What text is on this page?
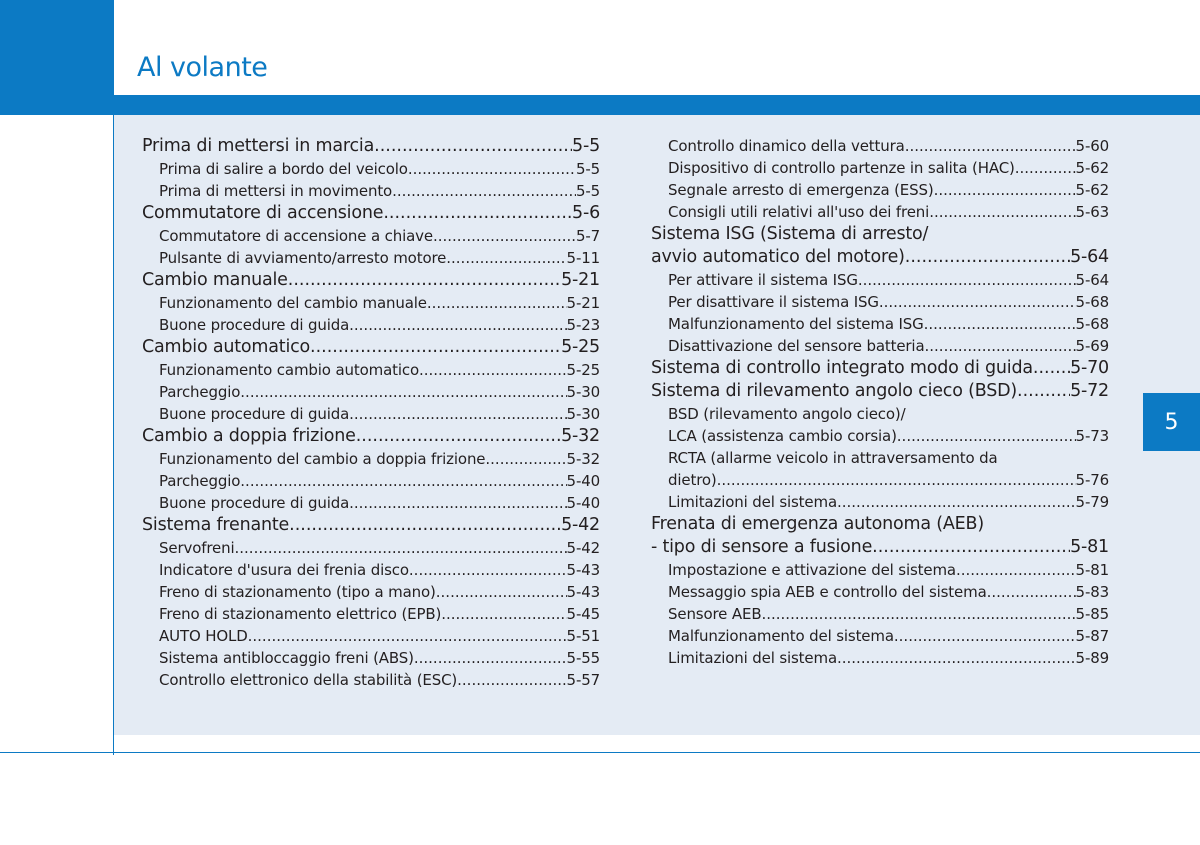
Al volante
Prima di mettersi in marcia .....	5-5
Prima di salire a bordo del veicolo .....	5-5
Prima di mettersi in movimento .....	5-5
Commutatore di accensione .....	5-6
Commutatore di accensione a chiave .....	5-7
Pulsante di avviamento/arresto motore .....	5-11
Cambio manuale .....	5-21
Funzionamento del cambio manuale .....	5-21
Buone procedure di guida .....	5-23
Cambio automatico .....	5-25
Funzionamento cambio automatico .....	5-25
Parcheggio .....	5-30
Buone procedure di guida .....	5-30
Cambio a doppia frizione .....	5-32
Funzionamento del cambio a doppia frizione .....	5-32
Parcheggio .....	5-40
Buone procedure di guida .....	5-40
Sistema frenante .....	5-42
Servofreni .....	5-42
Indicatore d'usura dei frenia disco .....	5-43
Freno di stazionamento (tipo a mano) .....	5-43
Freno di stazionamento elettrico (EPB) .....	5-45
AUTO HOLD .....	5-51
Sistema antibloccaggio freni (ABS) .....	5-55
Controllo elettronico della stabilità (ESC) .....	5-57
Controllo dinamico della vettura .....	5-60
Dispositivo di controllo partenze in salita (HAC) .....	5-62
Segnale arresto di emergenza (ESS) .....	5-62
Consigli utili relativi all'uso dei freni .....	5-63
Sistema ISG (Sistema di arresto/
avvio automatico del motore) .....	5-64
Per attivare il sistema ISG .....	5-64
Per disattivare il sistema ISG .....	5-68
Malfunzionamento del sistema ISG .....	5-68
Disattivazione del sensore batteria .....	5-69
Sistema di controllo integrato modo di guida ..... 5-70
Sistema di rilevamento angolo cieco (BSD) .....	5-72
BSD (rilevamento angolo cieco)/
LCA (assistenza cambio corsia) .....	5-73
RCTA (allarme veicolo in attraversamento da
dietro) .....	5-76
Limitazioni del sistema .....	5-79
Frenata di emergenza autonoma (AEB)
- tipo di sensore a fusione .....	5-81
Impostazione e attivazione del sistema .....	5-81
Messaggio spia AEB e controllo del sistema .....	5-83
Sensore AEB .....	5-85
Malfunzionamento del sistema .....	5-87
Limitazioni del sistema .....	5-89
5
